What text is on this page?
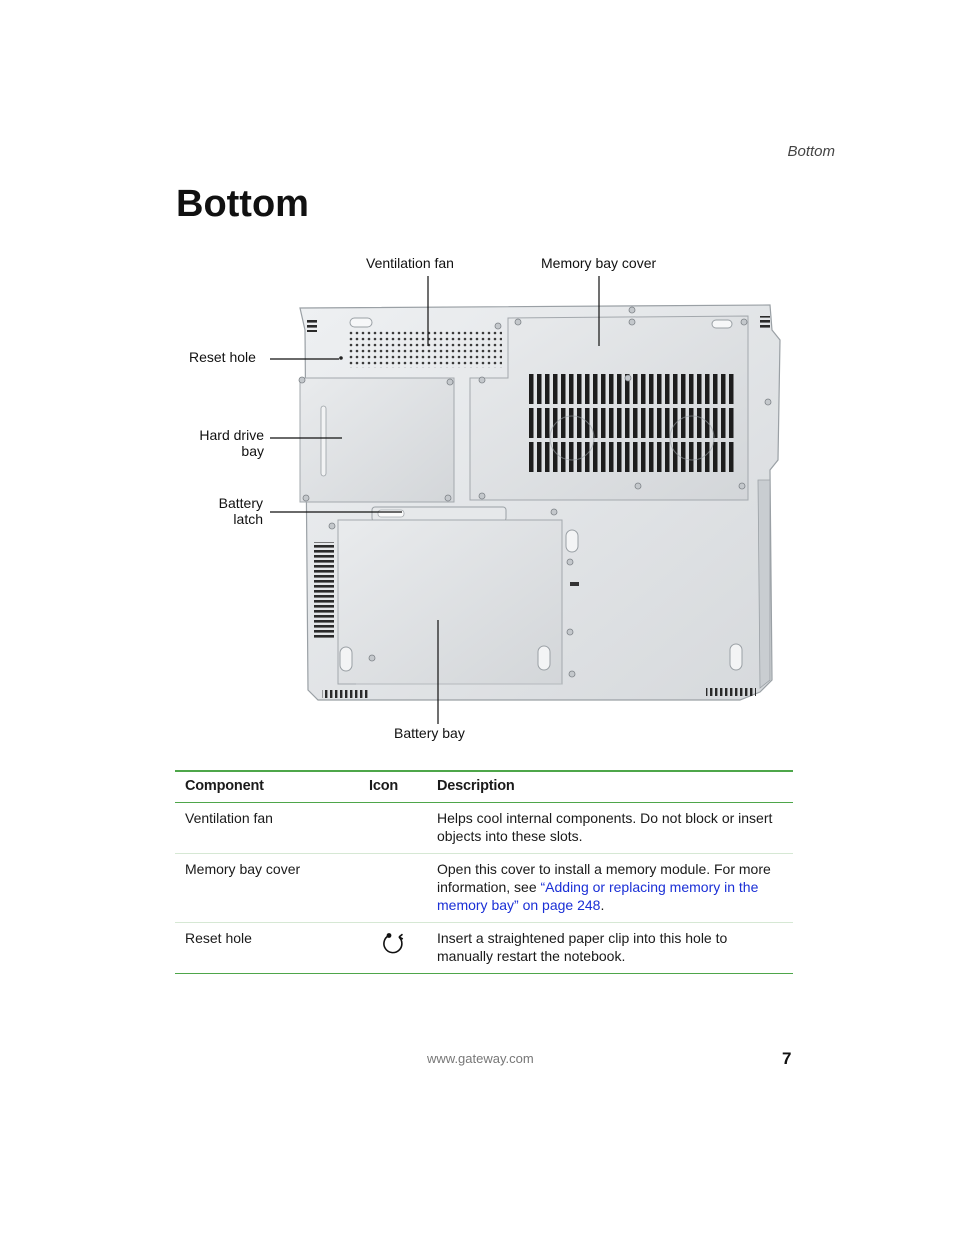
Bottom
Bottom
Ventilation fan	Memory bay cover
Reset hole
Hard drive
bay
Battery
latch
Battery bay
Component	Icon	Description
Ventilation fan		Helps cool internal components. Do not block or insert objects into these slots.
Memory bay cover		Open this cover to install a memory module. For more information, see “Adding or replacing memory in the memory bay” on page 248.
Reset hole		Insert a straightened paper clip into this hole to manually restart the notebook.
www.gateway.com	7
